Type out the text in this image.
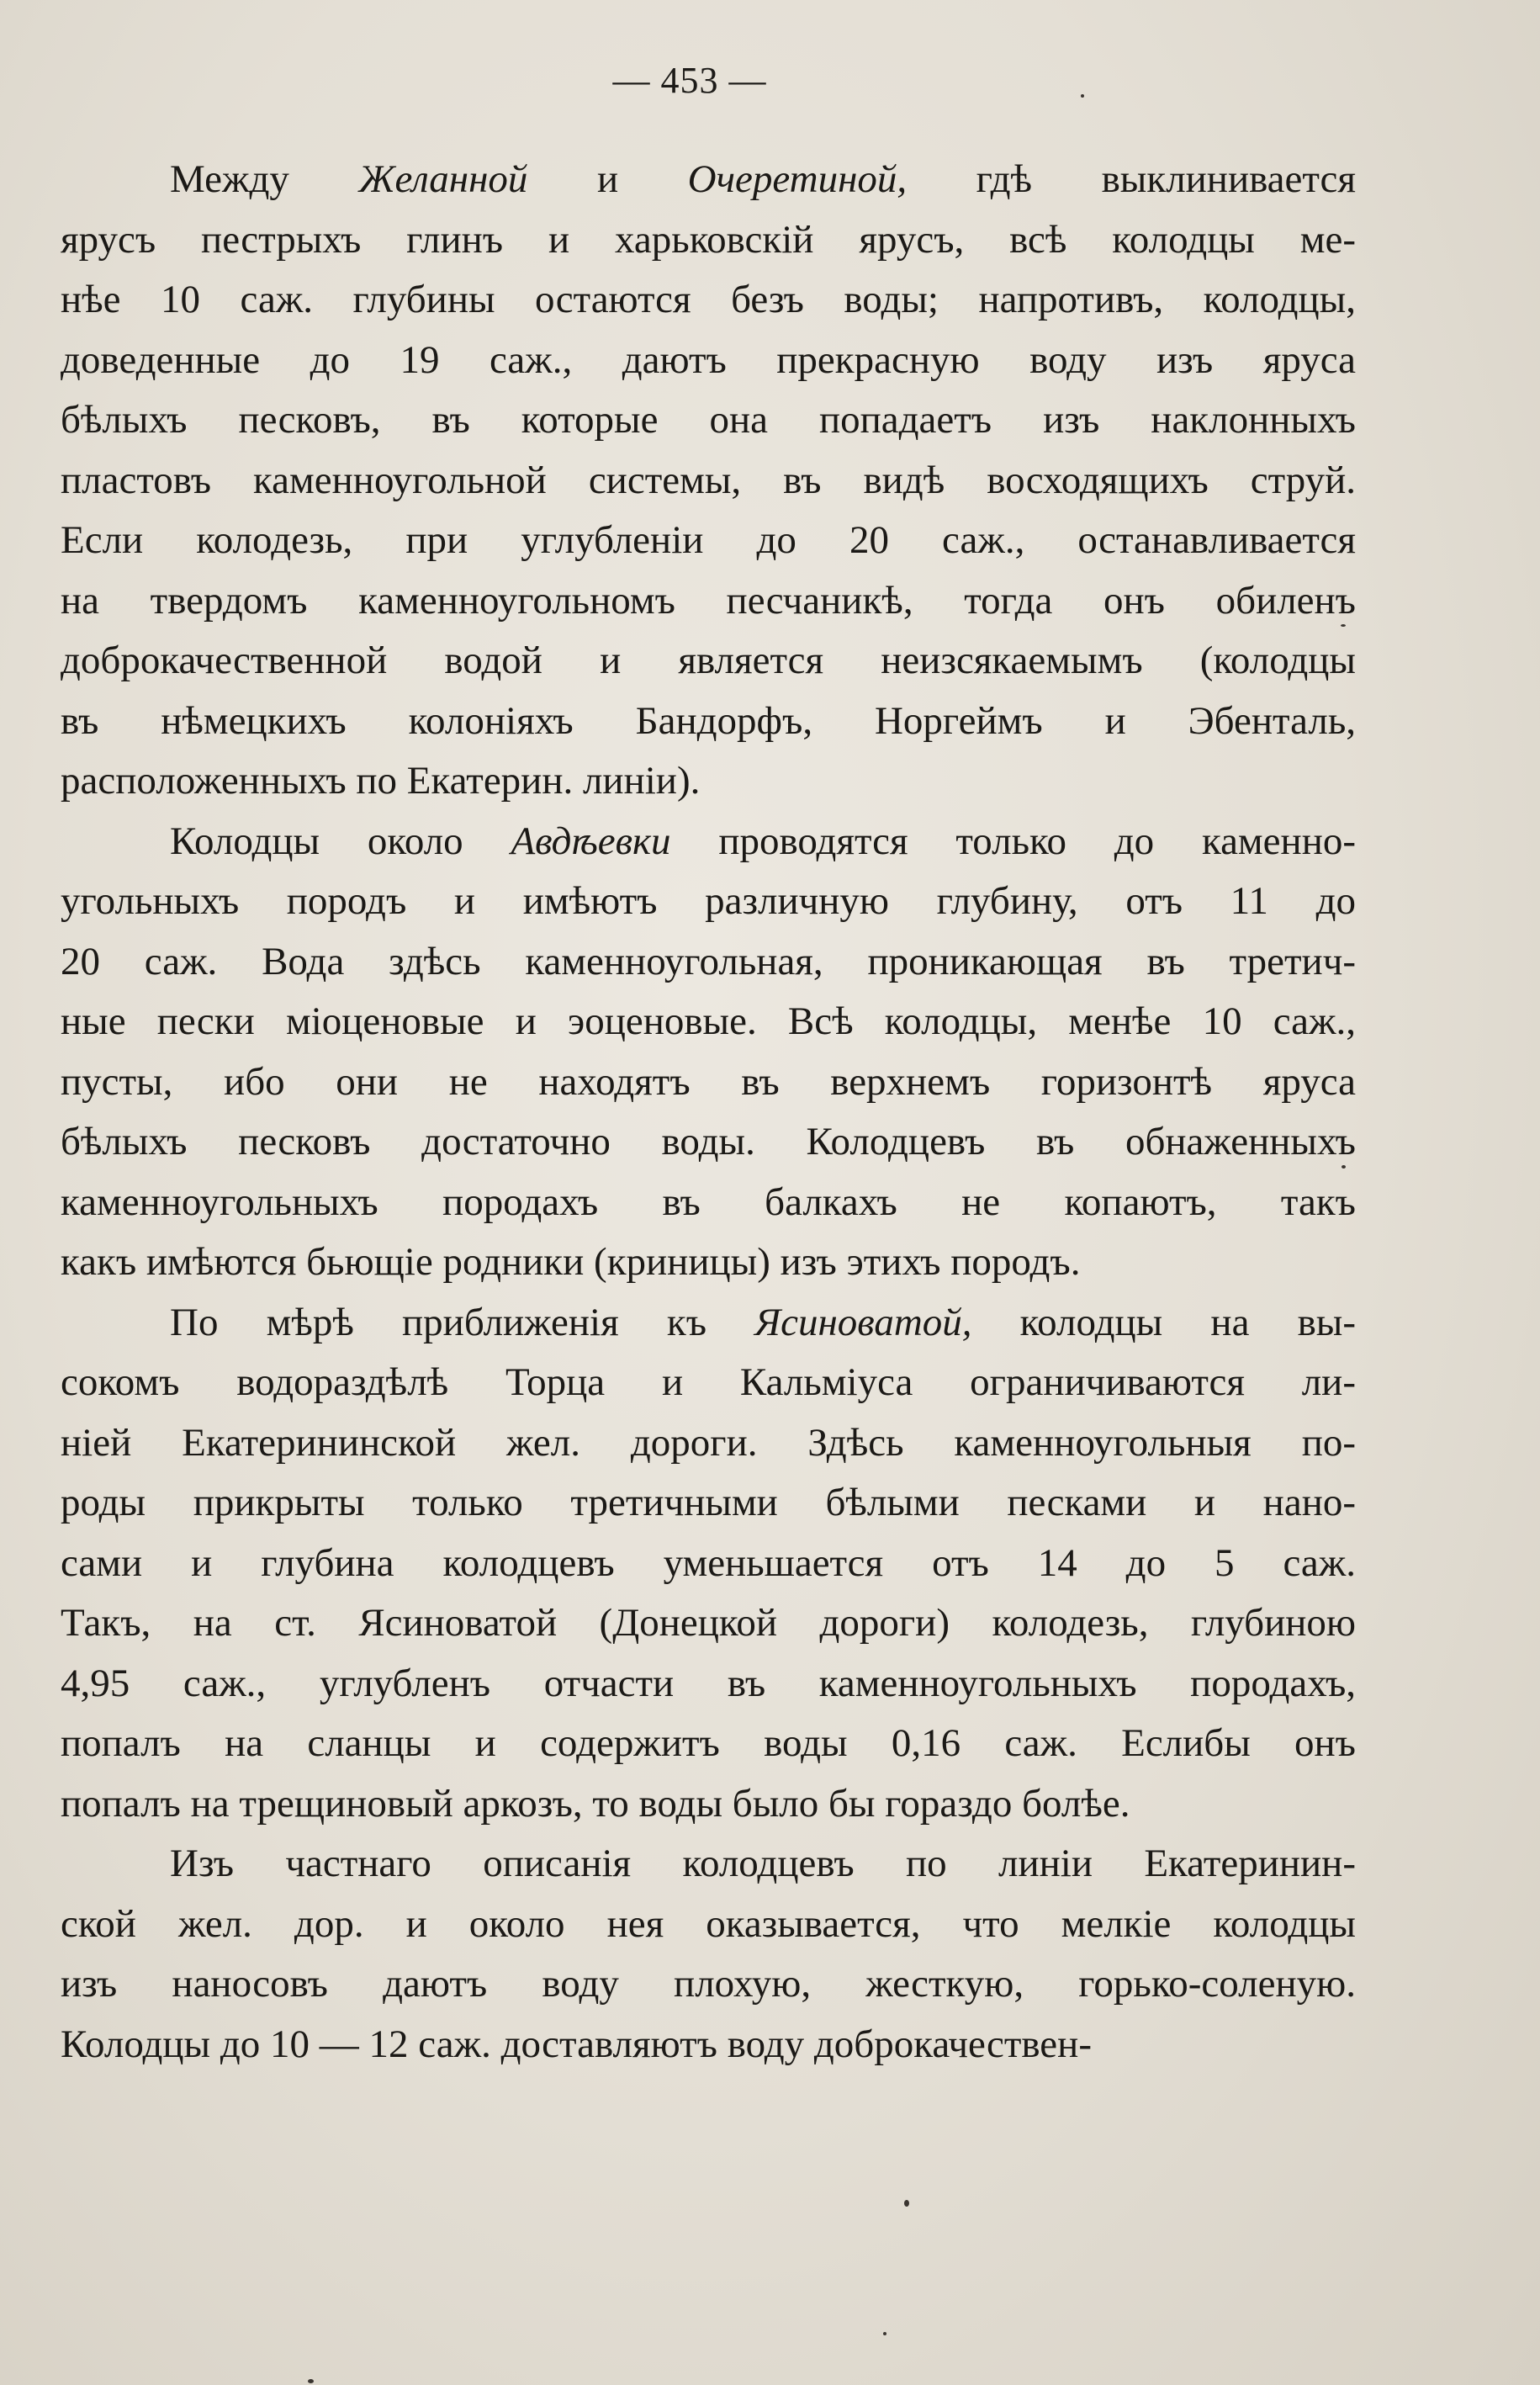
— 453 —
Между Желанной и Очеретиной, гдѣ выклинивается
ярусъ пестрыхъ глинъ и харьковскій ярусъ, всѣ колодцы ме-
нѣе 10 саж. глубины остаются безъ воды; напротивъ, колодцы,
доведенные до 19 саж., даютъ прекрасную воду изъ яруса
бѣлыхъ песковъ, въ которые она попадаетъ изъ наклонныхъ
пластовъ каменноугольной системы, въ видѣ восходящихъ струй.
Если колодезь, при углубленіи до 20 саж., останавливается
на твердомъ каменноугольномъ песчаникѣ, тогда онъ обиленъ
доброкачественной водой и является неизсякаемымъ (колодцы
въ нѣмецкихъ колоніяхъ Бандорфъ, Норгеймъ и Эбенталь,
расположенныхъ по Екатерин. линіи).
Колодцы около Авдѣевки проводятся только до каменно-
угольныхъ породъ и имѣютъ различную глубину, отъ 11 до
20 саж. Вода здѣсь каменноугольная, проникающая въ третич-
ные пески міоценовые и эоценовые. Всѣ колодцы, менѣе 10 саж.,
пусты, ибо они не находятъ въ верхнемъ горизонтѣ яруса
бѣлыхъ песковъ достаточно воды. Колодцевъ въ обнаженныхъ
каменноугольныхъ породахъ въ балкахъ не копаютъ, такъ
какъ имѣются бьющіе родники (криницы) изъ этихъ породъ.
По мѣрѣ приближенія къ Ясиноватой, колодцы на вы-
сокомъ водораздѣлѣ Торца и Кальміуса ограничиваются ли-
ніей Екатерининской жел. дороги. Здѣсь каменноугольныя по-
роды прикрыты только третичными бѣлыми песками и нано-
сами и глубина колодцевъ уменьшается отъ 14 до 5 саж.
Такъ, на ст. Ясиноватой (Донецкой дороги) колодезь, глубиною
4,95 саж., углубленъ отчасти въ каменноугольныхъ породахъ,
попалъ на сланцы и содержитъ воды 0,16 саж. Еслибы онъ
попалъ на трещиновый аркозъ, то воды было бы гораздо болѣе.
Изъ частнаго описанія колодцевъ по линіи Екатеринин-
ской жел. дор. и около нея оказывается, что мелкіе колодцы
изъ наносовъ даютъ воду плохую, жесткую, горько-соленую.
Колодцы до 10 — 12 саж. доставляютъ воду доброкачествен-
